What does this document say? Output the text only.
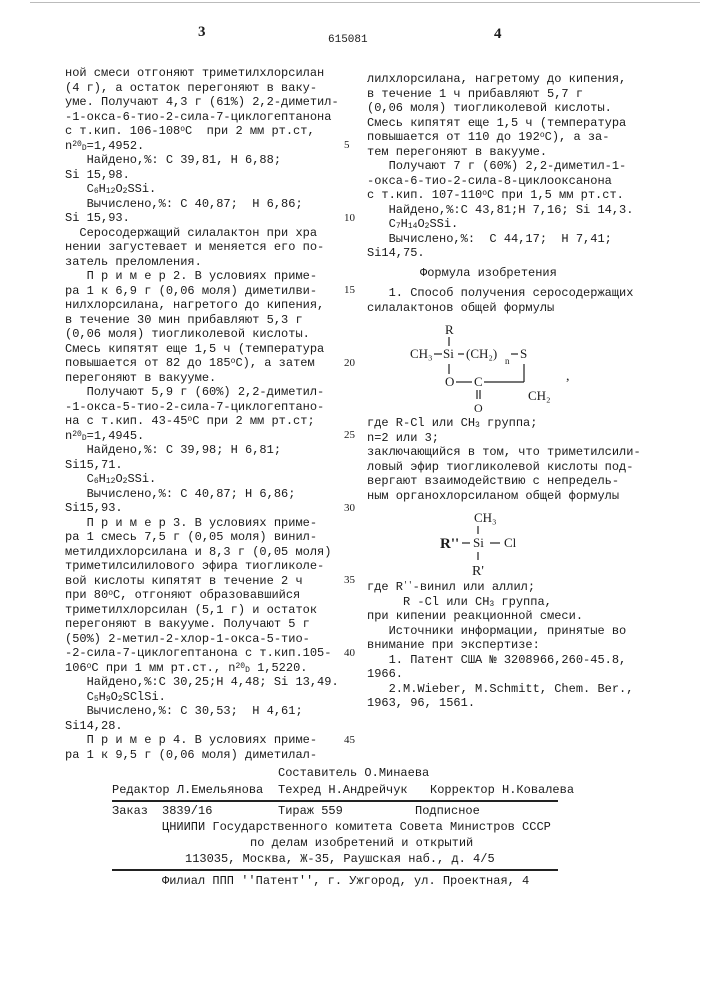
3	615081	4
ной смеси отгоняют триметилхлорсилан
(4 г), а остаток перегоняют в ваку-
уме. Получают 4,3 г (61%) 2,2-диметил-
-1-окса-6-тио-2-сила-7-циклогептанона
с т.кип. 106-108оС  при 2 мм рт.ст,
n20D=1,4952.
Найдено,%: С 39,81, Н 6,88;
Si 15,98.
C6H12O2SSi.
Вычислено,%: С 40,87;  Н 6,86;
Si 15,93.
Серосодержащий силалактон при хра
нении загустевает и меняется его по-
затель преломления.
П р и м е р 2. В условиях приме-
ра 1 к 6,9 г (0,06 моля) диметилви-
нилхлорсилана, нагретого до кипения,
в течение 30 мин прибавляют 5,3 г
(0,06 моля) тиогликолевой кислоты.
Смесь кипятят еще 1,5 ч (температура
повышается от 82 до 185оС), а затем
перегоняют в вакууме.
Получают 5,9 г (60%) 2,2-диметил-
-1-окса-5-тио-2-сила-7-циклогептано-
на с т.кип. 43-45оС при 2 мм рт.ст;
n20D=1,4945.
Найдено,%: С 39,98; Н 6,81;
Si15,71.
C6H12O2SSi.
Вычислено,%: С 40,87; Н 6,86;
Si15,93.
П р и м е р 3. В условиях приме-
ра 1 смесь 7,5 г (0,05 моля) винил-
метилдихлорсилана и 8,3 г (0,05 моля)
триметилсилилового эфира тиогликоле-
вой кислоты кипятят в течение 2 ч
при 80оС, отгоняют образовавшийся
триметилхлорсилан (5,1 г) и остаток
перегоняют в вакууме. Получают 5 г
(50%) 2-метил-2-хлор-1-окса-5-тио-
-2-сила-7-циклогептанона с т.кип.105-
106оС при 1 мм рт.ст., n20D 1,5220.
Найдено,%:С 30,25;Н 4,48; Si 13,49.
C5H9O2SClSi.
Вычислено,%: С 30,53;  Н 4,61;
Si14,28.
П р и м е р 4. В условиях приме-
ра 1 к 9,5 г (0,06 моля) диметилал-
5
10
15
20
25
30
35
40
45
лилхлорсилана, нагретому до кипения,
в течение 1 ч прибавляют 5,7 г
(0,06 моля) тиогликолевой кислоты.
Смесь кипятят еще 1,5 ч (температура
повышается от 110 до 192оС), а за-
тем перегоняют в вакууме.
Получают 7 г (60%) 2,2-диметил-1-
-окса-6-тио-2-сила-8-циклооксанона
с т.кип. 107-110оС при 1,5 мм рт.ст.
Найдено,%:С 43,81;Н 7,16; Si 14,3.
C7H14O2SSi.
Вычислено,%:  С 44,17;  Н 7,41;
Si14,75.
Формула изобретения
1. Способ получения серосодержащих
силалактонов общей формулы
R
CH₃ Si (CH₂) n S
O C
CH₂
O
,
где R-Cl или CH3 группа;
n=2 или 3;
заключающийся в том, что триметилсили-
ловый эфир тиогликолевой кислоты под-
вергают взаимодействию с непредель-
ным органохлорсиланом общей формулы
CH₃
R'' Si Cl
R'
где R''-винил или аллил;
R -Cl или CH3 группа,
при кипении реакционной смеси.
Источники информации, принятые во
внимание при экспертизе:
1. Патент США № 3208966,260-45.8,
1966.
2.M.Wieber, M.Schmitt, Chem. Ber.,
1963, 96, 1561.
Составитель О.Минаева
Редактор Л.Емельянова Техред Н.Андрейчук Корректор Н.Ковалева
Заказ 3839/16	Тираж 559	Подписное
ЦНИИПИ Государственного комитета Совета Министров СССР
по делам изобретений и открытий
113035, Москва, Ж-35, Раушская наб., д. 4/5
Филиал ППП ''Патент'', г. Ужгород, ул. Проектная, 4
